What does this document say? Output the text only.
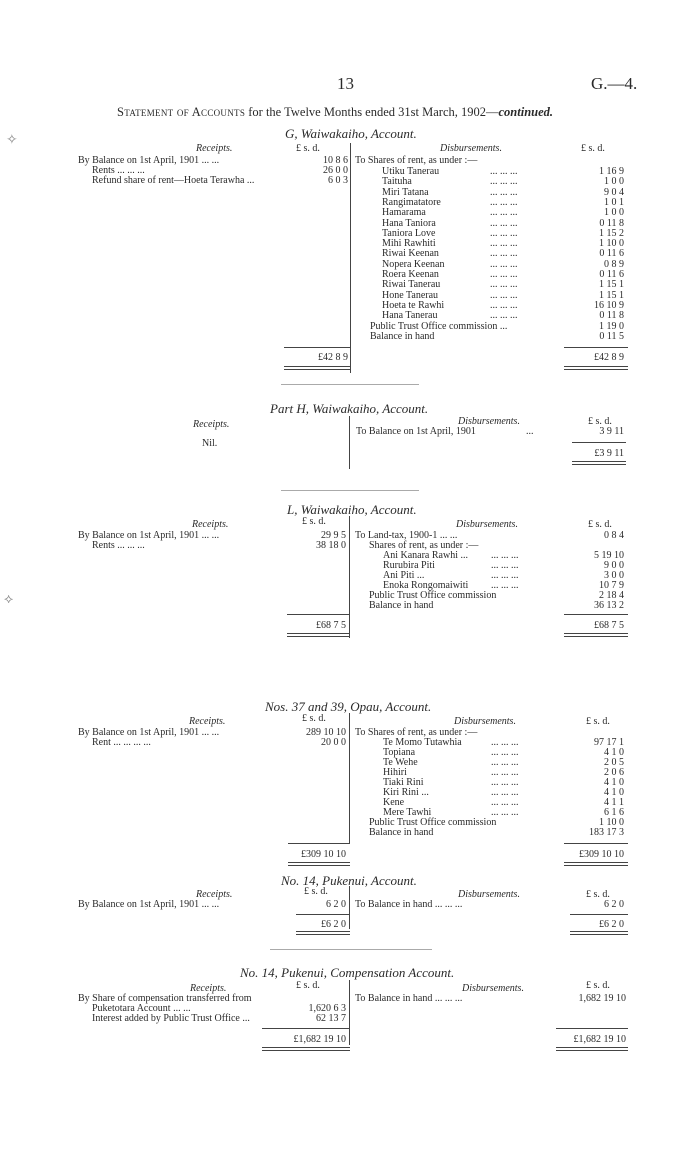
13	G.—4.
Statement of Accounts for the Twelve Months ended 31st March, 1902—continued.
✧
⟡
G, Waiwakaiho, Account.
Receipts.	£ s. d.	Disbursements.	£ s. d.
By Balance on 1st April, 1901 ... ...	10 8 6
Rents ... ... ...	26 0 0
Refund share of rent—Hoeta Terawha ...	6 0 3
To Shares of rent, as under :—
Utiku Tanerau	... ... ...	1 16 9
Taituha	... ... ...	1 0 0
Miri Tatana	... ... ...	9 0 4
Rangimatatore	... ... ...	1 0 1
Hamarama	... ... ...	1 0 0
Hana Taniora	... ... ...	0 11 8
Taniora Love	... ... ...	1 15 2
Mihi Rawhiti	... ... ...	1 10 0
Riwai Keenan	... ... ...	0 11 6
Nopera Keenan	... ... ...	0 8 9
Roera Keenan	... ... ...	0 11 6
Riwai Tanerau	... ... ...	1 15 1
Hone Tanerau	... ... ...	1 15 1
Hoeta te Rawhi	... ... ...	16 10 9
Hana Tanerau	... ... ...	0 11 8
Public Trust Office commission ...	1 19 0
Balance in hand	0 11 5
£42 8 9	£42 8 9
Part H, Waiwakaiho, Account.
Receipts.	Disbursements.	£ s. d.
Nil.
To Balance on 1st April, 1901	...	3 9 11
£3 9 11
L, Waiwakaiho, Account.
Receipts.	£ s. d.	Disbursements.	£ s. d.
By Balance on 1st April, 1901 ... ...	29 9 5
Rents ... ... ...	38 18 0
To Land-tax, 1900-1 ... ...	0 8 4
Shares of rent, as under :—
Ani Kanara Rawhi ... ... ... ...	5 19 10
Rurubira Piti	... ... ...	9 0 0
Ani Piti ...	... ... ...	3 0 0
Enoka Rongomaiwiti ... ... ...	10 7 9
Public Trust Office commission	2 18 4
Balance in hand	36 13 2
£68 7 5	£68 7 5
Nos. 37 and 39, Opau, Account.
Receipts.	£ s. d.	Disbursements.	£ s. d.
By Balance on 1st April, 1901 ... ...	289 10 10
Rent ... ... ... ...	20 0 0
To Shares of rent, as under :—
Te Momo Tutawhia	... ... ...	97 17 1
Topiana	... ... ...	4 1 0
Te Wehe	... ... ...	2 0 5
Hihiri	... ... ...	2 0 6
Tiaki Rini	... ... ...	4 1 0
Kiri Rini ...	... ... ...	4 1 0
Kene	... ... ...	4 1 1
Mere Tawhi	... ... ...	6 1 6
Public Trust Office commission	1 10 0
Balance in hand	183 17 3
£309 10 10	£309 10 10
No. 14, Pukenui, Account.
Receipts.	£ s. d.	Disbursements.	£ s. d.
By Balance on 1st April, 1901 ... ...	6 2 0 To Balance in hand ... ... ...	6 2 0
£6 2 0	£6 2 0
No. 14, Pukenui, Compensation Account.
Receipts.	£ s. d.	Disbursements.	£ s. d.
By Share of compensation transferred from
Puketotara Account ... ...	1,620 6 3
Interest added by Public Trust Office ...	62 13 7
To Balance in hand ... ... ...	1,682 19 10
£1,682 19 10	£1,682 19 10
